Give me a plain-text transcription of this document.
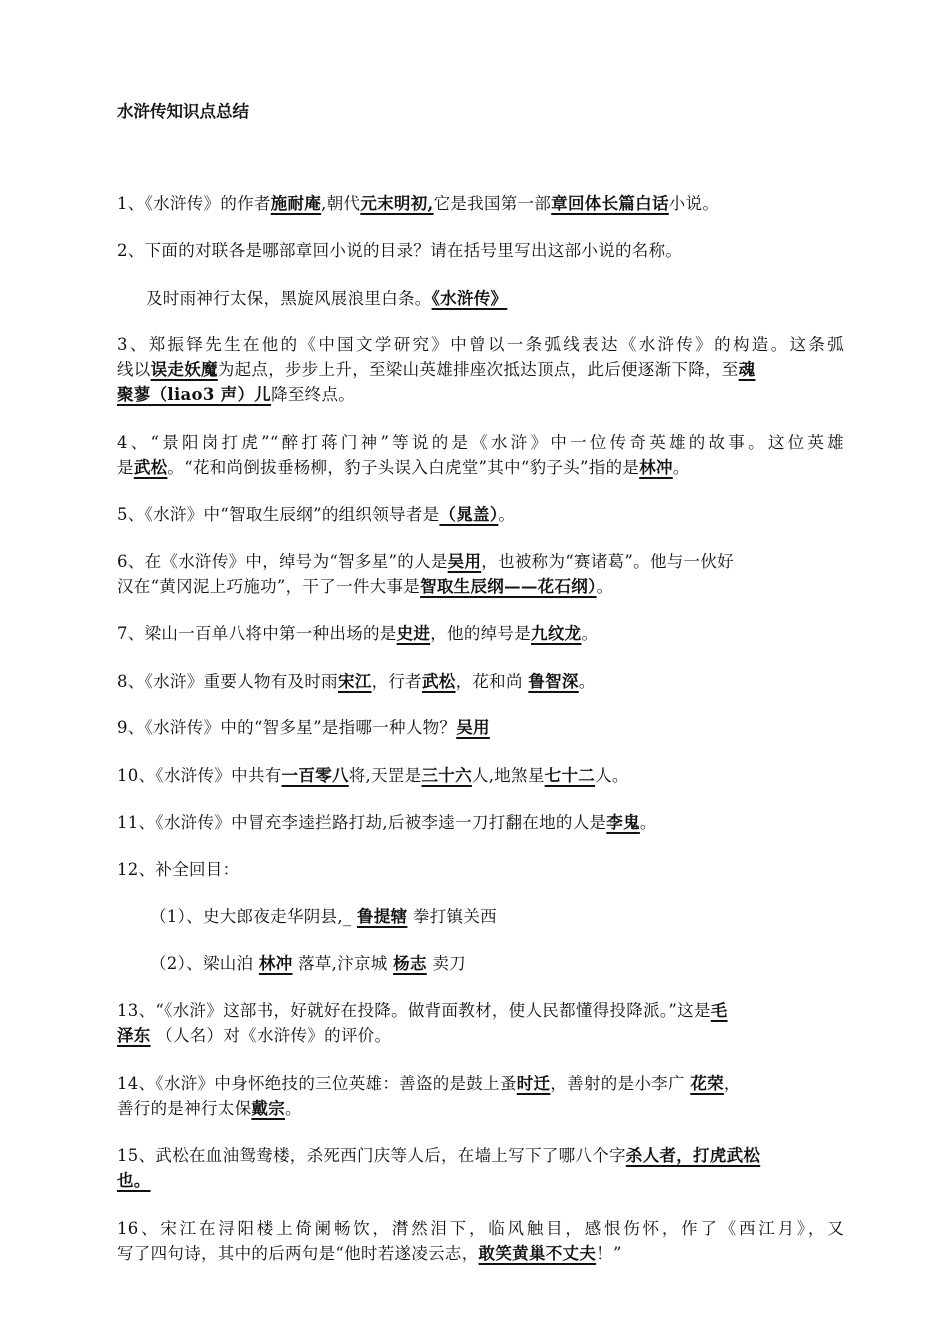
水浒传知识点总结
1、《水浒传》的作者施耐庵,朝代元末明初,它是我国第一部章回体长篇白话小说。
2、下面的对联各是哪部章回小说的目录？请在括号里写出这部小说的名称。
及时雨神行太保，黑旋风展浪里白条。《水浒传》
3、郑振铎先生在他的《中国文学研究》中曾以一条弧线表达《水浒传》的构造。这条弧
线以误走妖魔为起点，步步上升，至梁山英雄排座次抵达顶点，此后便逐渐下降，至魂
聚蓼（liao3 声）儿降至终点。
4、“景阳岗打虎”“醉打蒋门神”等说的是《水浒》中一位传奇英雄的故事。这位英雄
是武松。“花和尚倒拔垂杨柳，豹子头误入白虎堂”其中“豹子头”指的是林冲。
5、《水浒》中“智取生辰纲”的组织领导者是（晁盖）。
6、在《水浒传》中，绰号为“智多星”的人是吴用，也被称为“赛诸葛”。他与一伙好
汉在“黄冈泥上巧施功”，干了一件大事是智取生辰纲——花石纲）。
7、梁山一百单八将中第一种出场的是史进，他的绰号是九纹龙。
8、《水浒》重要人物有及时雨宋江，行者武松，花和尚 鲁智深。
9、《水浒传》中的“智多星”是指哪一种人物？吴用
10、《水浒传》中共有一百零八将,天罡是三十六人,地煞星七十二人。
11、《水浒传》中冒充李逵拦路打劫,后被李逵一刀打翻在地的人是李鬼。
12、补全回目：
（1）、史大郎夜走华阴县,_ 鲁提辖 拳打镇关西
（2）、梁山泊 林冲 落草,汴京城 杨志 卖刀
13、“《水浒》这部书，好就好在投降。做背面教材，使人民都懂得投降派。”这是毛
泽东 （人名）对《水浒传》的评价。
14、《水浒》中身怀绝技的三位英雄：善盗的是鼓上蚤时迁，善射的是小李广 花荣，
善行的是神行太保戴宗。
15、武松在血油鸳鸯楼，杀死西门庆等人后，在墙上写下了哪八个字杀人者，打虎武松
也。
16、宋江在浔阳楼上倚阑畅饮，潸然泪下，临风触目，感恨伤怀，作了《西江月》，又
写了四句诗，其中的后两句是“他时若遂凌云志，敢笑黄巢不丈夫！”
